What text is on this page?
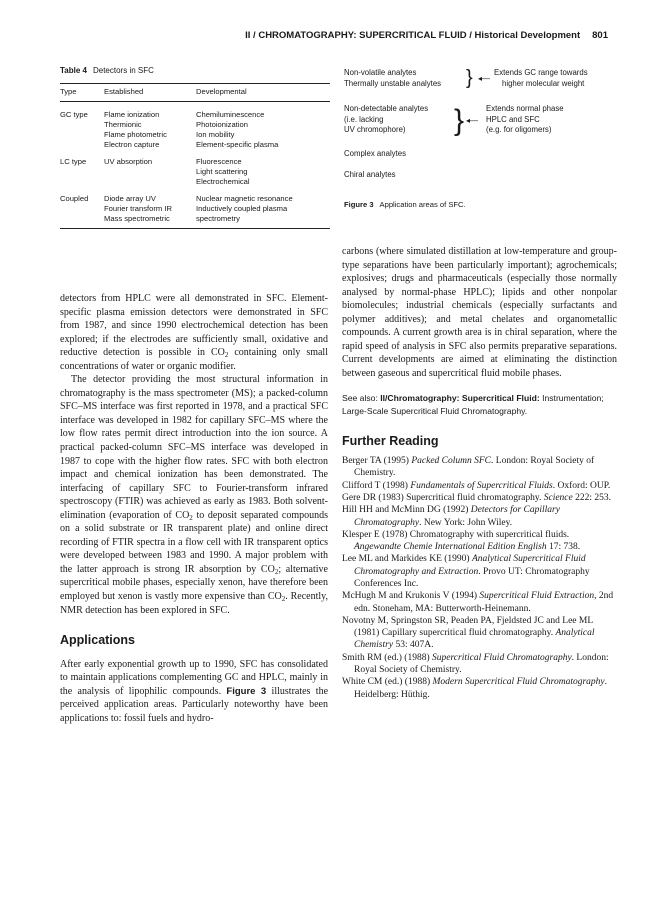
II / CHROMATOGRAPHY: SUPERCRITICAL FLUID / Historical Development 801
Table 4 Detectors in SFC
Type	Established	Developmental

GC type	Flame ionization	Chemiluminescence
	Thermionic	Photoionization
	Flame photometric	Ion mobility
	Electron capture	Element-specific plasma

LC type	UV absorption	Fluorescence
		Light scattering
		Electrochemical

Coupled	Diode array UV	Nuclear magnetic resonance
	Fourier transform IR	Inductively coupled plasma
	Mass spectrometric	spectrometry

Non-volatile analytes
Thermally unstable analytes } ◂—
Extends GC range towards
higher molecular weight
Non-detectable analytes
(i.e. lacking
UV chromophore) } ◂—
Extends normal phase
HPLC and SFC
(e.g. for oligomers)
Complex analytes
Chiral analytes
Figure 3 Application areas of SFC.

detectors from HPLC were all demonstrated in SFC. Element-specific plasma emission detectors were demonstrated in SFC from 1987, and since 1990 electrochemical detection has been explored; if the electrodes are sufficiently small, oxidative and reductive detection is possible in $CO_2$ containing only small concentrations of water or organic modifier.

The detector providing the most structural information in chromatography is the mass spectrometer (MS); a packed-column SFC–MS interface was first reported in 1978, and a practical SFC interface was developed in 1982 for capillary SFC–MS where the low flow rates permit direct introduction into the ion source. A practical packed-column SFC–MS interface was developed in 1987 to cope with the higher flow rates. SFC with both electron impact and chemical ionization has been demonstrated. The interfacing of capillary SFC to Fourier-transform infrared spectroscopy (FTIR) was achieved as early as 1983. Both solvent-elimination (evaporation of $CO_2$ to deposit separated compounds on a solid substrate or IR transparent plate) and online direct recording of FTIR spectra in a flow cell with IR transparent optics were developed between 1983 and 1990. A major problem with the latter approach is strong IR absorption by $CO_2$; alternative supercritical mobile phases, especially xenon, have therefore been employed but xenon is vastly more expensive than $CO_2$. Recently, NMR detection has been explored in SFC.

Applications

After early exponential growth up to 1990, SFC has consolidated to maintain applications complementing GC and HPLC, mainly in the analysis of lipophilic compounds. Figure 3 illustrates the perceived application areas. Particularly noteworthy have been applications to: fossil fuels and hydro-

carbons (where simulated distillation at low-temperature and group-type separations have been particularly important); agrochemicals; explosives; drugs and pharmaceuticals (especially those normally analysed by normal-phase HPLC); lipids and other nonpolar biomolecules; industrial chemicals (especially surfactants and polymer additives); and metal chelates and organometallic compounds. A current growth area is in chiral separation, where the rapid speed of analysis in SFC also permits preparative separations. Current developments are aimed at eliminating the distinction between gaseous and supercritical fluid mobile phases.

See also: II/Chromatography: Supercritical Fluid: Instrumentation; Large-Scale Supercritical Fluid Chromatography.
Further Reading
Berger TA (1995) Packed Column SFC. London: Royal Society of Chemistry.
Clifford T (1998) Fundamentals of Supercritical Fluids. Oxford: OUP.
Gere DR (1983) Supercritical fluid chromatography. Science 222: 253.
Hill HH and McMinn DG (1992) Detectors for Capillary Chromatography. New York: John Wiley.
Klesper E (1978) Chromatography with supercritical fluids. Angewandte Chemie International Edition English 17: 738.
Lee ML and Markides KE (1990) Analytical Supercritical Fluid Chromatography and Extraction. Provo UT: Chromatography Conferences Inc.
McHugh M and Krukonis V (1994) Supercritical Fluid Extraction, 2nd edn. Stoneham, MA: Butterworth-Heinemann.
Novotny M, Springston SR, Peaden PA, Fjeldsted JC and Lee ML (1981) Capillary supercritical fluid chromatography. Analytical Chemistry 53: 407A.
Smith RM (ed.) (1988) Supercritical Fluid Chromatography. London: Royal Society of Chemistry.
White CM (ed.) (1988) Modern Supercritical Fluid Chromatography. Heidelberg: Hüthig.
